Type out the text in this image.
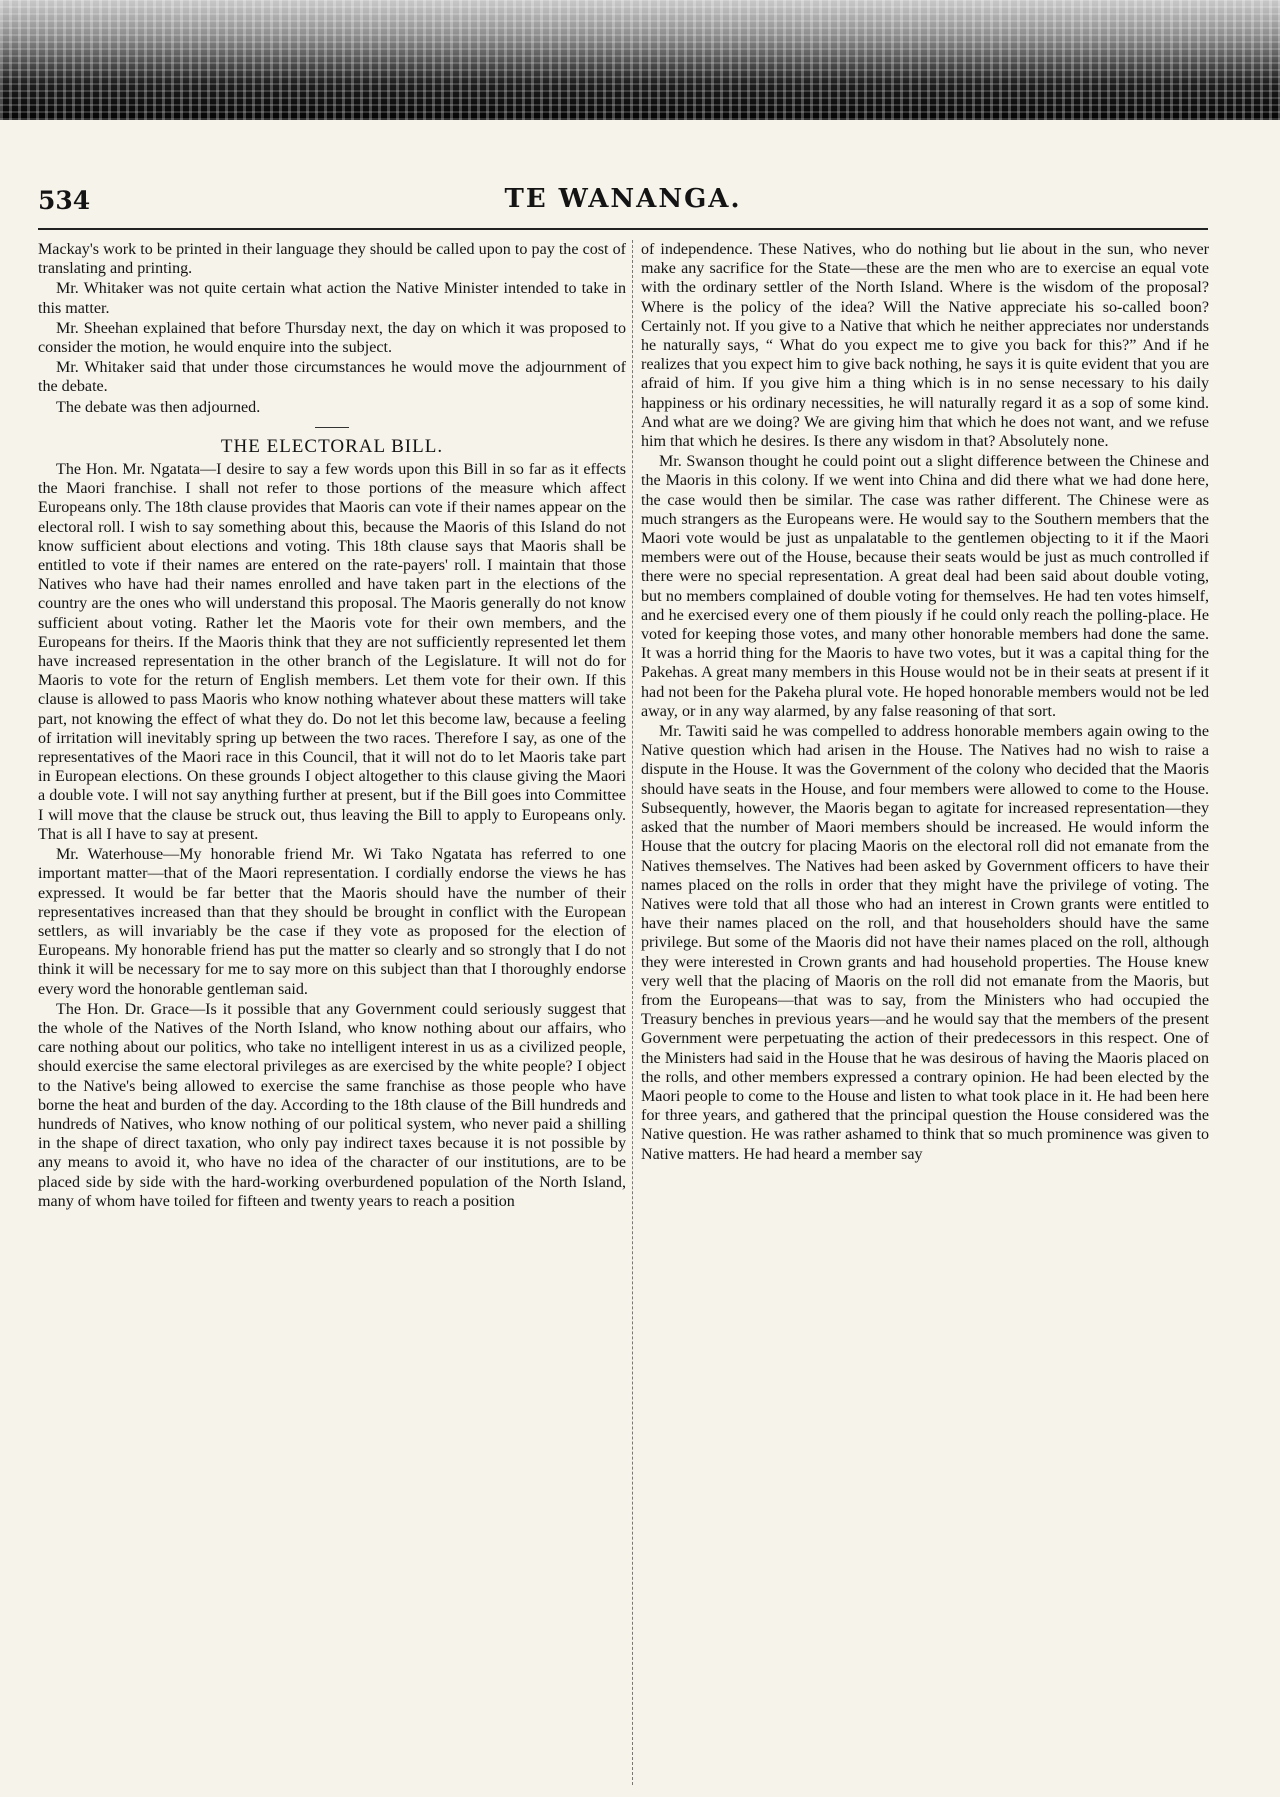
534	TE WANANGA.

Mackay's work to be printed in their language they should be called upon to pay the cost of translating and printing.

Mr. Whitaker was not quite certain what action the Native Minister intended to take in this matter.

Mr. Sheehan explained that before Thursday next, the day on which it was proposed to consider the motion, he would enquire into the subject.

Mr. Whitaker said that under those circumstances he would move the adjournment of the debate.

The debate was then adjourned.

THE ELECTORAL BILL.

The Hon. Mr. Ngatata—I desire to say a few words upon this Bill in so far as it effects the Maori franchise. I shall not refer to those portions of the measure which affect Europeans only. The 18th clause provides that Maoris can vote if their names appear on the electoral roll. I wish to say something about this, because the Maoris of this Island do not know sufficient about elections and voting. This 18th clause says that Maoris shall be entitled to vote if their names are entered on the rate-payers' roll. I maintain that those Natives who have had their names enrolled and have taken part in the elections of the country are the ones who will understand this proposal. The Maoris generally do not know sufficient about voting. Rather let the Maoris vote for their own members, and the Europeans for theirs. If the Maoris think that they are not sufficiently represented let them have increased representation in the other branch of the Legislature. It will not do for Maoris to vote for the return of English members. Let them vote for their own. If this clause is allowed to pass Maoris who know nothing whatever about these matters will take part, not knowing the effect of what they do. Do not let this become law, because a feeling of irritation will inevitably spring up between the two races. Therefore I say, as one of the representatives of the Maori race in this Council, that it will not do to let Maoris take part in European elections. On these grounds I object altogether to this clause giving the Maori a double vote. I will not say anything further at present, but if the Bill goes into Committee I will move that the clause be struck out, thus leaving the Bill to apply to Europeans only. That is all I have to say at present.

Mr. Waterhouse—My honorable friend Mr. Wi Tako Ngatata has referred to one important matter—that of the Maori representation. I cordially endorse the views he has expressed. It would be far better that the Maoris should have the number of their representatives increased than that they should be brought in conflict with the European settlers, as will invariably be the case if they vote as proposed for the election of Europeans. My honorable friend has put the matter so clearly and so strongly that I do not think it will be necessary for me to say more on this subject than that I thoroughly endorse every word the honorable gentleman said.

The Hon. Dr. Grace—Is it possible that any Government could seriously suggest that the whole of the Natives of the North Island, who know nothing about our affairs, who care nothing about our politics, who take no intelligent interest in us as a civilized people, should exercise the same electoral privileges as are exercised by the white people? I object to the Native's being allowed to exercise the same franchise as those people who have borne the heat and burden of the day. According to the 18th clause of the Bill hundreds and hundreds of Natives, who know nothing of our political system, who never paid a shilling in the shape of direct taxation, who only pay indirect taxes because it is not possible by any means to avoid it, who have no idea of the character of our institutions, are to be placed side by side with the hard-working overburdened population of the North Island, many of whom have toiled for fifteen and twenty years to reach a position

of independence. These Natives, who do nothing but lie about in the sun, who never make any sacrifice for the State—these are the men who are to exercise an equal vote with the ordinary settler of the North Island. Where is the wisdom of the proposal? Where is the policy of the idea? Will the Native appreciate his so-called boon? Certainly not. If you give to a Native that which he neither appreciates nor understands he naturally says, “ What do you expect me to give you back for this?” And if he realizes that you expect him to give back nothing, he says it is quite evident that you are afraid of him. If you give him a thing which is in no sense necessary to his daily happiness or his ordinary necessities, he will naturally regard it as a sop of some kind. And what are we doing? We are giving him that which he does not want, and we refuse him that which he desires. Is there any wisdom in that? Absolutely none.

Mr. Swanson thought he could point out a slight difference between the Chinese and the Maoris in this colony. If we went into China and did there what we had done here, the case would then be similar. The case was rather different. The Chinese were as much strangers as the Europeans were. He would say to the Southern members that the Maori vote would be just as unpalatable to the gentlemen objecting to it if the Maori members were out of the House, because their seats would be just as much controlled if there were no special representation. A great deal had been said about double voting, but no members complained of double voting for themselves. He had ten votes himself, and he exercised every one of them piously if he could only reach the polling-place. He voted for keeping those votes, and many other honorable members had done the same. It was a horrid thing for the Maoris to have two votes, but it was a capital thing for the Pakehas. A great many members in this House would not be in their seats at present if it had not been for the Pakeha plural vote. He hoped honorable members would not be led away, or in any way alarmed, by any false reasoning of that sort.

Mr. Tawiti said he was compelled to address honorable members again owing to the Native question which had arisen in the House. The Natives had no wish to raise a dispute in the House. It was the Government of the colony who decided that the Maoris should have seats in the House, and four members were allowed to come to the House. Subsequently, however, the Maoris began to agitate for increased representation—they asked that the number of Maori members should be increased. He would inform the House that the outcry for placing Maoris on the electoral roll did not emanate from the Natives themselves. The Natives had been asked by Government officers to have their names placed on the rolls in order that they might have the privilege of voting. The Natives were told that all those who had an interest in Crown grants were entitled to have their names placed on the roll, and that householders should have the same privilege. But some of the Maoris did not have their names placed on the roll, although they were interested in Crown grants and had household properties. The House knew very well that the placing of Maoris on the roll did not emanate from the Maoris, but from the Europeans—that was to say, from the Ministers who had occupied the Treasury benches in previous years—and he would say that the members of the present Government were perpetuating the action of their predecessors in this respect. One of the Ministers had said in the House that he was desirous of having the Maoris placed on the rolls, and other members expressed a contrary opinion. He had been elected by the Maori people to come to the House and listen to what took place in it. He had been here for three years, and gathered that the principal question the House considered was the Native question. He was rather ashamed to think that so much prominence was given to Native matters. He had heard a member say
